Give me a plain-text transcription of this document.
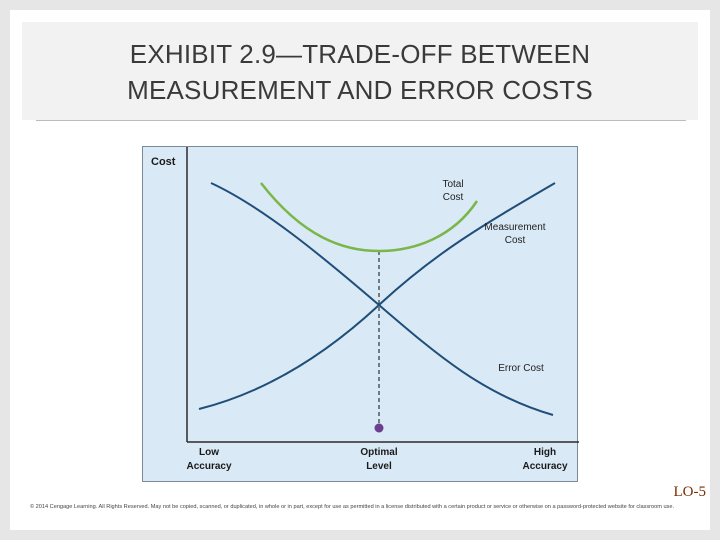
EXHIBIT 2.9—TRADE-OFF BETWEEN
MEASUREMENT AND ERROR COSTS
Cost
Total
Cost
Measurement
Cost
Error Cost
Low
Accuracy
Optimal
Level
High
Accuracy
LO-5
© 2014 Cengage Learning. All Rights Reserved. May not be copied, scanned, or duplicated, in whole or in part, except for use as permitted in a license distributed with a certain product or service or otherwise on a password-protected website for classroom use.
